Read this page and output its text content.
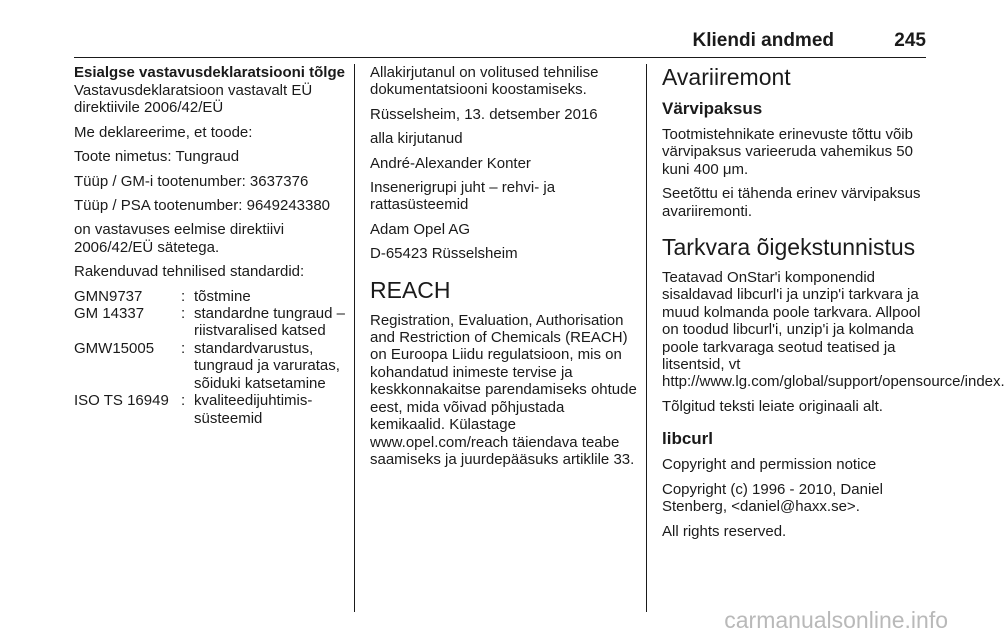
Kliendi andmed	245
Esialgse vastavusdeklaratsiooni tõlge

Vastavusdeklaratsioon vastavalt EÜ direktiivile 2006/42/EÜ

Me deklareerime, et toode:

Toote nimetus: Tungraud

Tüüp / GM-i tootenumber: 3637376

Tüüp / PSA tootenumber: 9649243380

on vastavuses eelmise direktiivi 2006/42/EÜ sätetega.

Rakenduvad tehnilised standardid:

GMN9737	:	tõstmine
GM 14337	:	standardne tungraud – riistvaralised katsed
GMW15005	:	standardvarustus, tungraud ja varuratas, sõiduki katsetamine
ISO TS 16949	:	kvaliteedijuhtimis-süsteemid

Allakirjutanul on volitused tehnilise dokumentatsiooni koostamiseks.

Rüsselsheim, 13. detsember 2016

alla kirjutanud

André-Alexander Konter

Insenerigrupi juht – rehvi- ja rattasüsteemid

Adam Opel AG

D-65423 Rüsselsheim

REACH

Registration, Evaluation, Authorisation and Restriction of Chemicals (REACH) on Euroopa Liidu regulatsioon, mis on kohandatud inimeste tervise ja keskkonnakaitse parendamiseks ohtude eest, mida võivad põhjustada kemikaalid. Külastage www.opel.com/reach täiendava teabe saamiseks ja juurdepääsuks artiklile 33.

Avariiremont
Värvipaksus

Tootmistehnikate erinevuste tõttu võib värvipaksus varieeruda vahemikus 50 kuni 400 μm.

Seetõttu ei tähenda erinev värvipaksus avariiremonti.

Tarkvara õigekstunnistus

Teatavad OnStar'i komponendid sisaldavad libcurl'i ja unzip'i tarkvara ja muud kolmanda poole tarkvara. Allpool on toodud libcurl'i, unzip'i ja kolmanda poole tarkvaraga seotud teatised ja litsentsid, vt http://www.lg.com/global/support/opensource/index.

Tõlgitud teksti leiate originaali alt.

libcurl

Copyright and permission notice

Copyright (c) 1996 - 2010, Daniel Stenberg, <daniel@haxx.se>.

All rights reserved.

carmanualsonline.info
